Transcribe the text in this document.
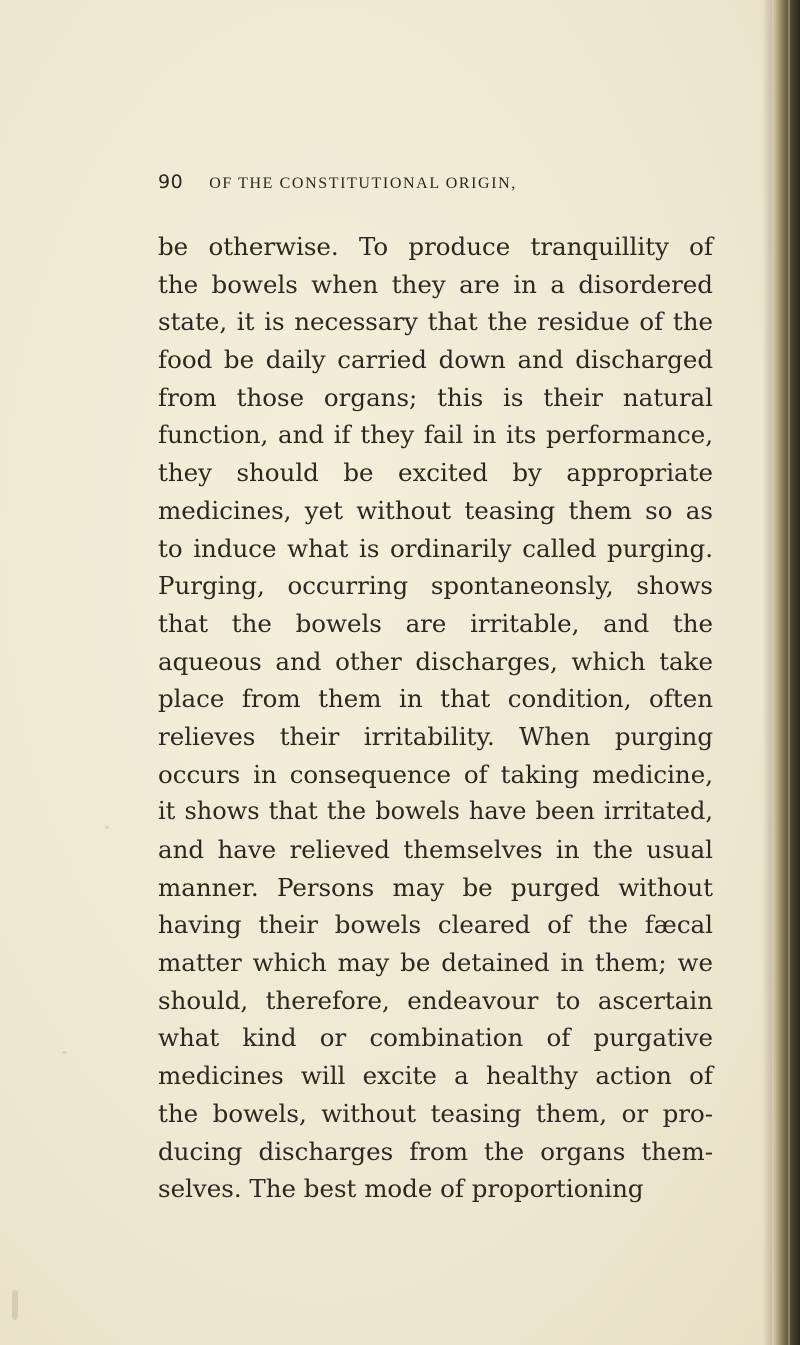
90 OF THE CONSTITUTIONAL ORIGIN,
be otherwise. To produce tranquillity of
the bowels when they are in a disordered
state, it is necessary that the residue of the
food be daily carried down and discharged
from those organs; this is their natural
function, and if they fail in its performance,
they should be excited by appropriate
medicines, yet without teasing them so as
to induce what is ordinarily called purging.
Purging, occurring spontaneonsly, shows
that the bowels are irritable, and the
aqueous and other discharges, which take
place from them in that condition, often
relieves their irritability. When purging
occurs in consequence of taking medicine,
it shows that the bowels have been irritated,
and have relieved themselves in the usual
manner. Persons may be purged without
having their bowels cleared of the fæcal
matter which may be detained in them; we
should, therefore, endeavour to ascertain
what kind or combination of purgative
medicines will excite a healthy action of
the bowels, without teasing them, or pro-
ducing discharges from the organs them-
selves. The best mode of proportioning
